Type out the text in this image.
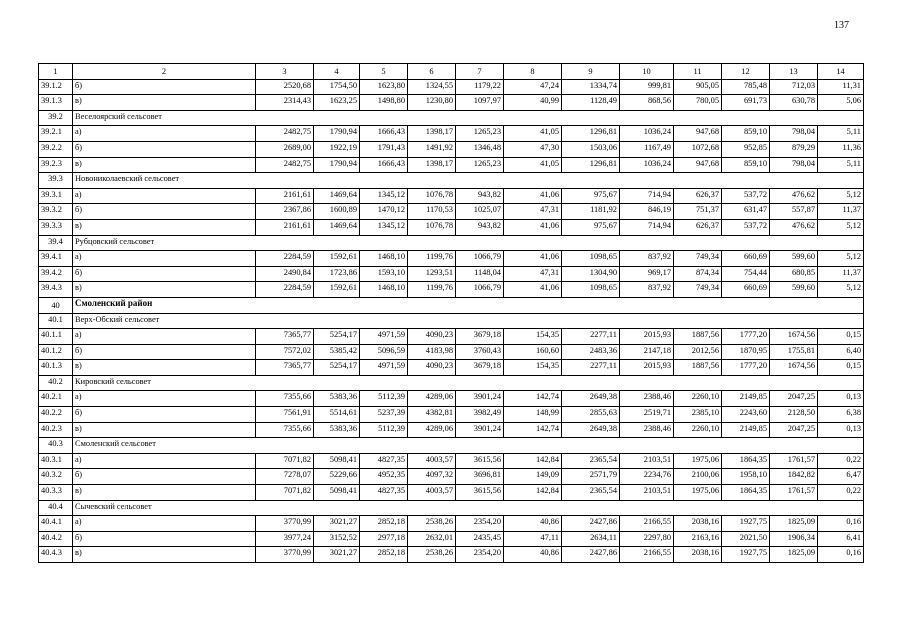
137
1	2	3	4	5	6	7	8	9	10	11	12	13	14
39.1.2	б)	2520,68	1754,50	1623,80	1324,55	1179,22	47,24	1334,74	999,81	905,05	785,48	712,03	11,31
39.1.3	в)	2314,43	1623,25	1498,80	1230,80	1097,97	40,99	1128,49	868,56	780,05	691,73	630,78	5,06
39.2	Веселоярский сельсовет												
39.2.1	а)	2482,75	1790,94	1666,43	1398,17	1265,23	41,05	1296,81	1036,24	947,68	859,10	798,04	5,11
39.2.2	б)	2689,00	1922,19	1791,43	1491,92	1346,48	47,30	1503,06	1167,49	1072,68	952,85	879,29	11,36
39.2.3	в)	2482,75	1790,94	1666,43	1398,17	1265,23	41,05	1296,81	1036,24	947,68	859,10	798,04	5,11
39.3	Новониколаевский сельсовет												
39.3.1	а)	2161,61	1469,64	1345,12	1076,78	943,82	41,06	975,67	714,94	626,37	537,72	476,62	5,12
39.3.2	б)	2367,86	1600,89	1470,12	1170,53	1025,07	47,31	1181,92	846,19	751,37	631,47	557,87	11,37
39.3.3	в)	2161,61	1469,64	1345,12	1076,78	943,82	41,06	975,67	714,94	626,37	537,72	476,62	5,12
39.4	Рубцовский сельсовет												
39.4.1	а)	2284,59	1592,61	1468,10	1199,76	1066,79	41,06	1098,65	837,92	749,34	660,69	599,60	5,12
39.4.2	б)	2490,84	1723,86	1593,10	1293,51	1148,04	47,31	1304,90	969,17	874,34	754,44	680,85	11,37
39.4.3	в)	2284,59	1592,61	1468,10	1199,76	1066,79	41,06	1098,65	837,92	749,34	660,69	599,60	5,12
40	Смоленский район												
40.1	Верх-Обский сельсовет												
40.1.1	а)	7365,77	5254,17	4971,59	4090,23	3679,18	154,35	2277,11	2015,93	1887,56	1777,20	1674,56	0,15
40.1.2	б)	7572,02	5385,42	5096,59	4183,98	3760,43	160,60	2483,36	2147,18	2012,56	1870,95	1755,81	6,40
40.1.3	в)	7365,77	5254,17	4971,59	4090,23	3679,18	154,35	2277,11	2015,93	1887,56	1777,20	1674,56	0,15
40.2	Кировский сельсовет												
40.2.1	а)	7355,66	5383,36	5112,39	4289,06	3901,24	142,74	2649,38	2388,46	2260,10	2149,85	2047,25	0,13
40.2.2	б)	7561,91	5514,61	5237,39	4382,81	3982,49	148,99	2855,63	2519,71	2385,10	2243,60	2128,50	6,38
40.2.3	в)	7355,66	5383,36	5112,39	4289,06	3901,24	142,74	2649,38	2388,46	2260,10	2149,85	2047,25	0,13
40.3	Смоленский сельсовет												
40.3.1	а)	7071,82	5098,41	4827,35	4003,57	3615,56	142,84	2365,54	2103,51	1975,06	1864,35	1761,57	0,22
40.3.2	б)	7278,07	5229,66	4952,35	4097,32	3696,81	149,09	2571,79	2234,76	2100,06	1958,10	1842,82	6,47
40.3.3	в)	7071,82	5098,41	4827,35	4003,57	3615,56	142,84	2365,54	2103,51	1975,06	1864,35	1761,57	0,22
40.4	Сычевский сельсовет												
40.4.1	а)	3770,99	3021,27	2852,18	2538,26	2354,20	40,86	2427,86	2166,55	2038,16	1927,75	1825,09	0,16
40.4.2	б)	3977,24	3152,52	2977,18	2632,01	2435,45	47,11	2634,11	2297,80	2163,16	2021,50	1906,34	6,41
40.4.3	в)	3770,99	3021,27	2852,18	2538,26	2354,20	40,86	2427,86	2166,55	2038,16	1927,75	1825,09	0,16
